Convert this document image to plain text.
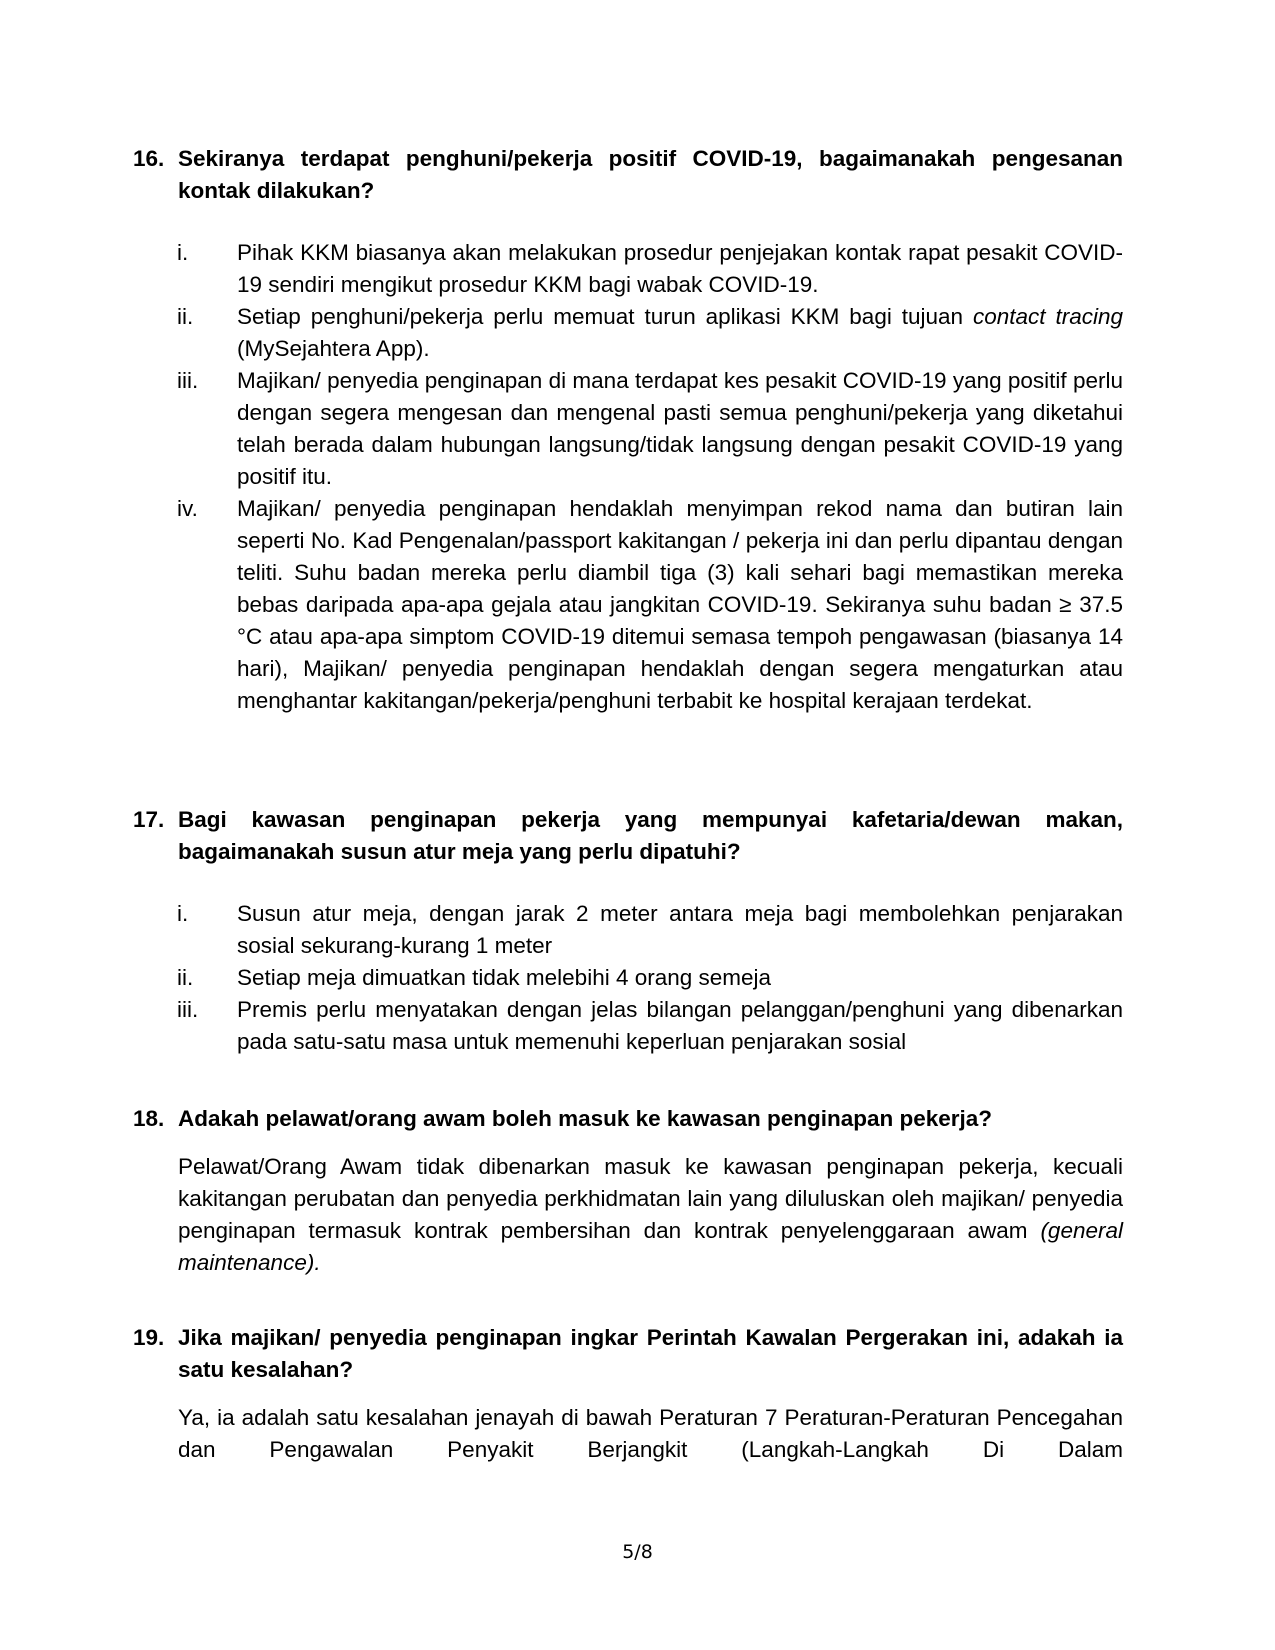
16. Sekiranya terdapat penghuni/pekerja positif COVID-19, bagaimanakah pengesanan kontak dilakukan?
i.	Pihak KKM biasanya akan melakukan prosedur penjejakan kontak rapat pesakit COVID-19 sendiri mengikut prosedur KKM bagi wabak COVID-19.
ii.	Setiap penghuni/pekerja perlu memuat turun aplikasi KKM bagi tujuan contact tracing (MySejahtera App).
iii.	Majikan/ penyedia penginapan di mana terdapat kes pesakit COVID-19 yang positif perlu dengan segera mengesan dan mengenal pasti semua penghuni/pekerja yang diketahui telah berada dalam hubungan langsung/tidak langsung dengan pesakit COVID-19 yang positif itu.
iv.	Majikan/ penyedia penginapan hendaklah menyimpan rekod nama dan butiran lain seperti No. Kad Pengenalan/passport kakitangan / pekerja ini dan perlu dipantau dengan teliti. Suhu badan mereka perlu diambil tiga (3) kali sehari bagi memastikan mereka bebas daripada apa-apa gejala atau jangkitan COVID-19. Sekiranya suhu badan ≥ 37.5 °C atau apa-apa simptom COVID-19 ditemui semasa tempoh pengawasan (biasanya 14 hari), Majikan/ penyedia penginapan hendaklah dengan segera mengaturkan atau menghantar kakitangan/pekerja/penghuni terbabit ke hospital kerajaan terdekat.
17. Bagi kawasan penginapan pekerja yang mempunyai kafetaria/dewan makan, bagaimanakah susun atur meja yang perlu dipatuhi?
i.	Susun atur meja, dengan jarak 2 meter antara meja bagi membolehkan penjarakan sosial sekurang-kurang 1 meter
ii.	Setiap meja dimuatkan tidak melebihi 4 orang semeja
iii.	Premis perlu menyatakan dengan jelas bilangan pelanggan/penghuni yang dibenarkan pada satu-satu masa untuk memenuhi keperluan penjarakan sosial
18. Adakah pelawat/orang awam boleh masuk ke kawasan penginapan pekerja?
Pelawat/Orang Awam tidak dibenarkan masuk ke kawasan penginapan pekerja, kecuali kakitangan perubatan dan penyedia perkhidmatan lain yang diluluskan oleh majikan/ penyedia penginapan termasuk kontrak pembersihan dan kontrak penyelenggaraan awam (general maintenance).
19. Jika majikan/ penyedia penginapan ingkar Perintah Kawalan Pergerakan ini, adakah ia satu kesalahan?
Ya, ia adalah satu kesalahan jenayah di bawah Peraturan 7 Peraturan-Peraturan Pencegahan dan Pengawalan Penyakit Berjangkit (Langkah-Langkah Di Dalam
5/8
